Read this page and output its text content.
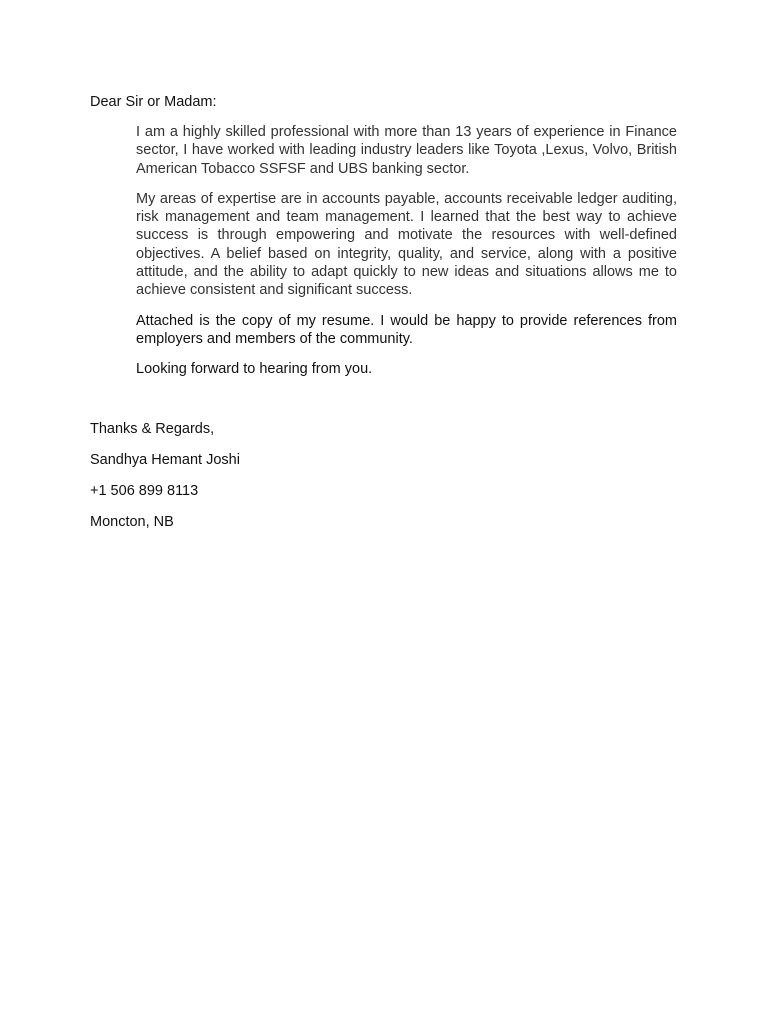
Dear Sir or Madam:

I am a highly skilled professional with more than 13 years of experience in Finance sector, I have worked with leading industry leaders like Toyota ,Lexus, Volvo, British American Tobacco SSFSF and UBS banking sector.

My areas of expertise are in accounts payable, accounts receivable ledger auditing, risk management and team management. I learned that the best way to achieve success is through empowering and motivate the resources with well-defined objectives. A belief based on integrity, quality, and service, along with a positive attitude, and the ability to adapt quickly to new ideas and situations allows me to achieve consistent and significant success.

Attached is the copy of my resume. I would be happy to provide references from employers and members of the community.

Looking forward to hearing from you.

Thanks & Regards,
Sandhya Hemant Joshi
+1 506 899 8113
Moncton, NB
